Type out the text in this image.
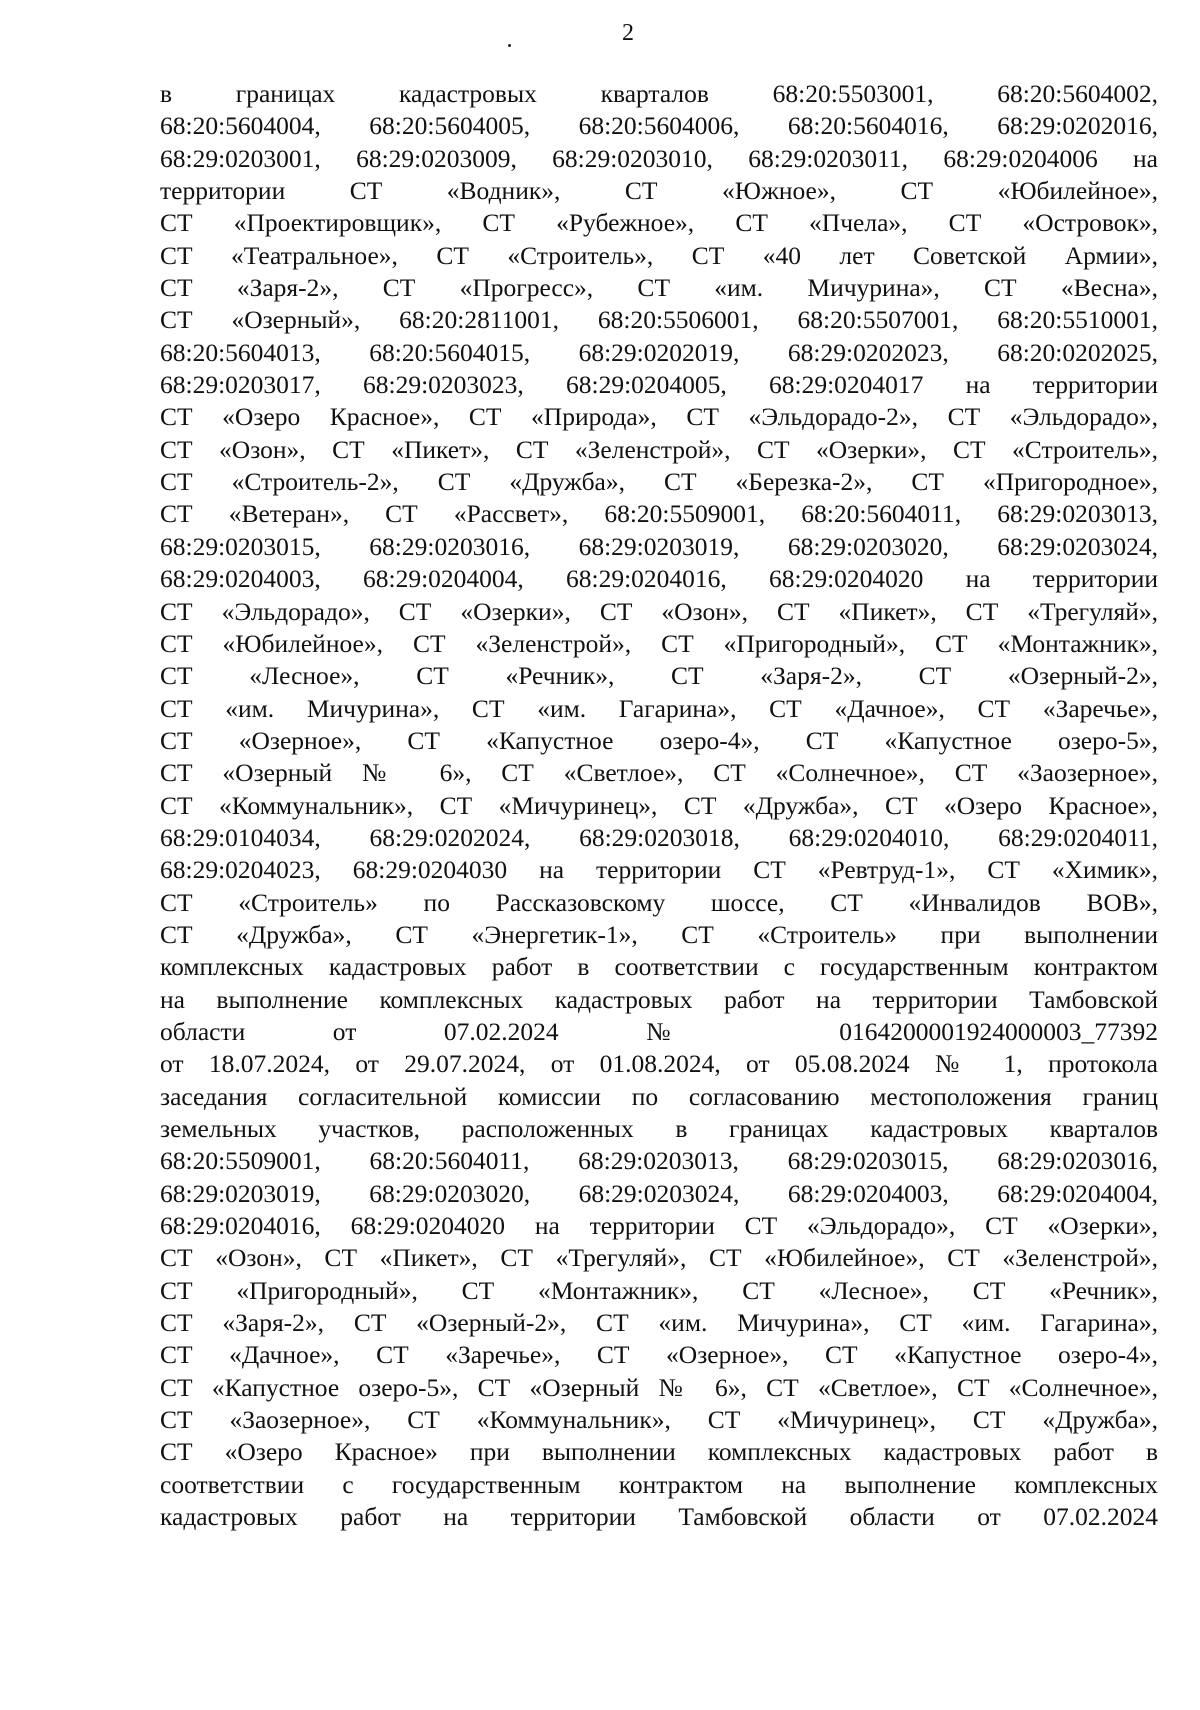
2
в границах кадастровых кварталов 68:20:5503001, 68:20:5604002,
68:20:5604004, 68:20:5604005, 68:20:5604006, 68:20:5604016, 68:29:0202016,
68:29:0203001, 68:29:0203009, 68:29:0203010, 68:29:0203011, 68:29:0204006 на
территории СТ «Водник», СТ «Южное», СТ «Юбилейное»,
СТ «Проектировщик», СТ «Рубежное», СТ «Пчела», СТ «Островок»,
СТ «Театральное», СТ «Строитель», СТ «40 лет Советской Армии»,
СТ «Заря-2», СТ «Прогресс», СТ «им. Мичурина», СТ «Весна»,
СТ «Озерный», 68:20:2811001, 68:20:5506001, 68:20:5507001, 68:20:5510001,
68:20:5604013, 68:20:5604015, 68:29:0202019, 68:29:0202023, 68:20:0202025,
68:29:0203017, 68:29:0203023, 68:29:0204005, 68:29:0204017 на территории
СТ «Озеро Красное», СТ «Природа», СТ «Эльдорадо-2», СТ «Эльдорадо»,
СТ «Озон», СТ «Пикет», СТ «Зеленстрой», СТ «Озерки», СТ «Строитель»,
СТ «Строитель-2», СТ «Дружба», СТ «Березка-2», СТ «Пригородное»,
СТ «Ветеран», СТ «Рассвет», 68:20:5509001, 68:20:5604011, 68:29:0203013,
68:29:0203015, 68:29:0203016, 68:29:0203019, 68:29:0203020, 68:29:0203024,
68:29:0204003, 68:29:0204004, 68:29:0204016, 68:29:0204020 на территории
СТ «Эльдорадо», СТ «Озерки», СТ «Озон», СТ «Пикет», СТ «Трегуляй»,
СТ «Юбилейное», СТ «Зеленстрой», СТ «Пригородный», СТ «Монтажник»,
СТ «Лесное», СТ «Речник», СТ «Заря-2», СТ «Озерный-2»,
СТ «им. Мичурина», СТ «им. Гагарина», СТ «Дачное», СТ «Заречье»,
СТ «Озерное», СТ «Капустное озеро-4», СТ «Капустное озеро-5»,
СТ «Озерный № 6», СТ «Светлое», СТ «Солнечное», СТ «Заозерное»,
СТ «Коммунальник», СТ «Мичуринец», СТ «Дружба», СТ «Озеро Красное»,
68:29:0104034, 68:29:0202024, 68:29:0203018, 68:29:0204010, 68:29:0204011,
68:29:0204023, 68:29:0204030 на территории СТ «Ревтруд-1», СТ «Химик»,
СТ «Строитель» по Рассказовскому шоссе, СТ «Инвалидов ВОВ»,
СТ «Дружба», СТ «Энергетик-1», СТ «Строитель» при выполнении
комплексных кадастровых работ в соответствии с государственным контрактом
на выполнение комплексных кадастровых работ на территории Тамбовской
области от 07.02.2024 № 0164200001924000003_77392
от 18.07.2024, от 29.07.2024, от 01.08.2024, от 05.08.2024 № 1, протокола
заседания согласительной комиссии по согласованию местоположения границ
земельных участков, расположенных в границах кадастровых кварталов
68:20:5509001, 68:20:5604011, 68:29:0203013, 68:29:0203015, 68:29:0203016,
68:29:0203019, 68:29:0203020, 68:29:0203024, 68:29:0204003, 68:29:0204004,
68:29:0204016, 68:29:0204020 на территории СТ «Эльдорадо», СТ «Озерки»,
СТ «Озон», СТ «Пикет», СТ «Трегуляй», СТ «Юбилейное», СТ «Зеленстрой»,
СТ «Пригородный», СТ «Монтажник», СТ «Лесное», СТ «Речник»,
СТ «Заря-2», СТ «Озерный-2», СТ «им. Мичурина», СТ «им. Гагарина»,
СТ «Дачное», СТ «Заречье», СТ «Озерное», СТ «Капустное озеро-4»,
СТ «Капустное озеро-5», СТ «Озерный № 6», СТ «Светлое», СТ «Солнечное»,
СТ «Заозерное», СТ «Коммунальник», СТ «Мичуринец», СТ «Дружба»,
СТ «Озеро Красное» при выполнении комплексных кадастровых работ в
соответствии с государственным контрактом на выполнение комплексных
кадастровых работ на территории Тамбовской области от 07.02.2024
